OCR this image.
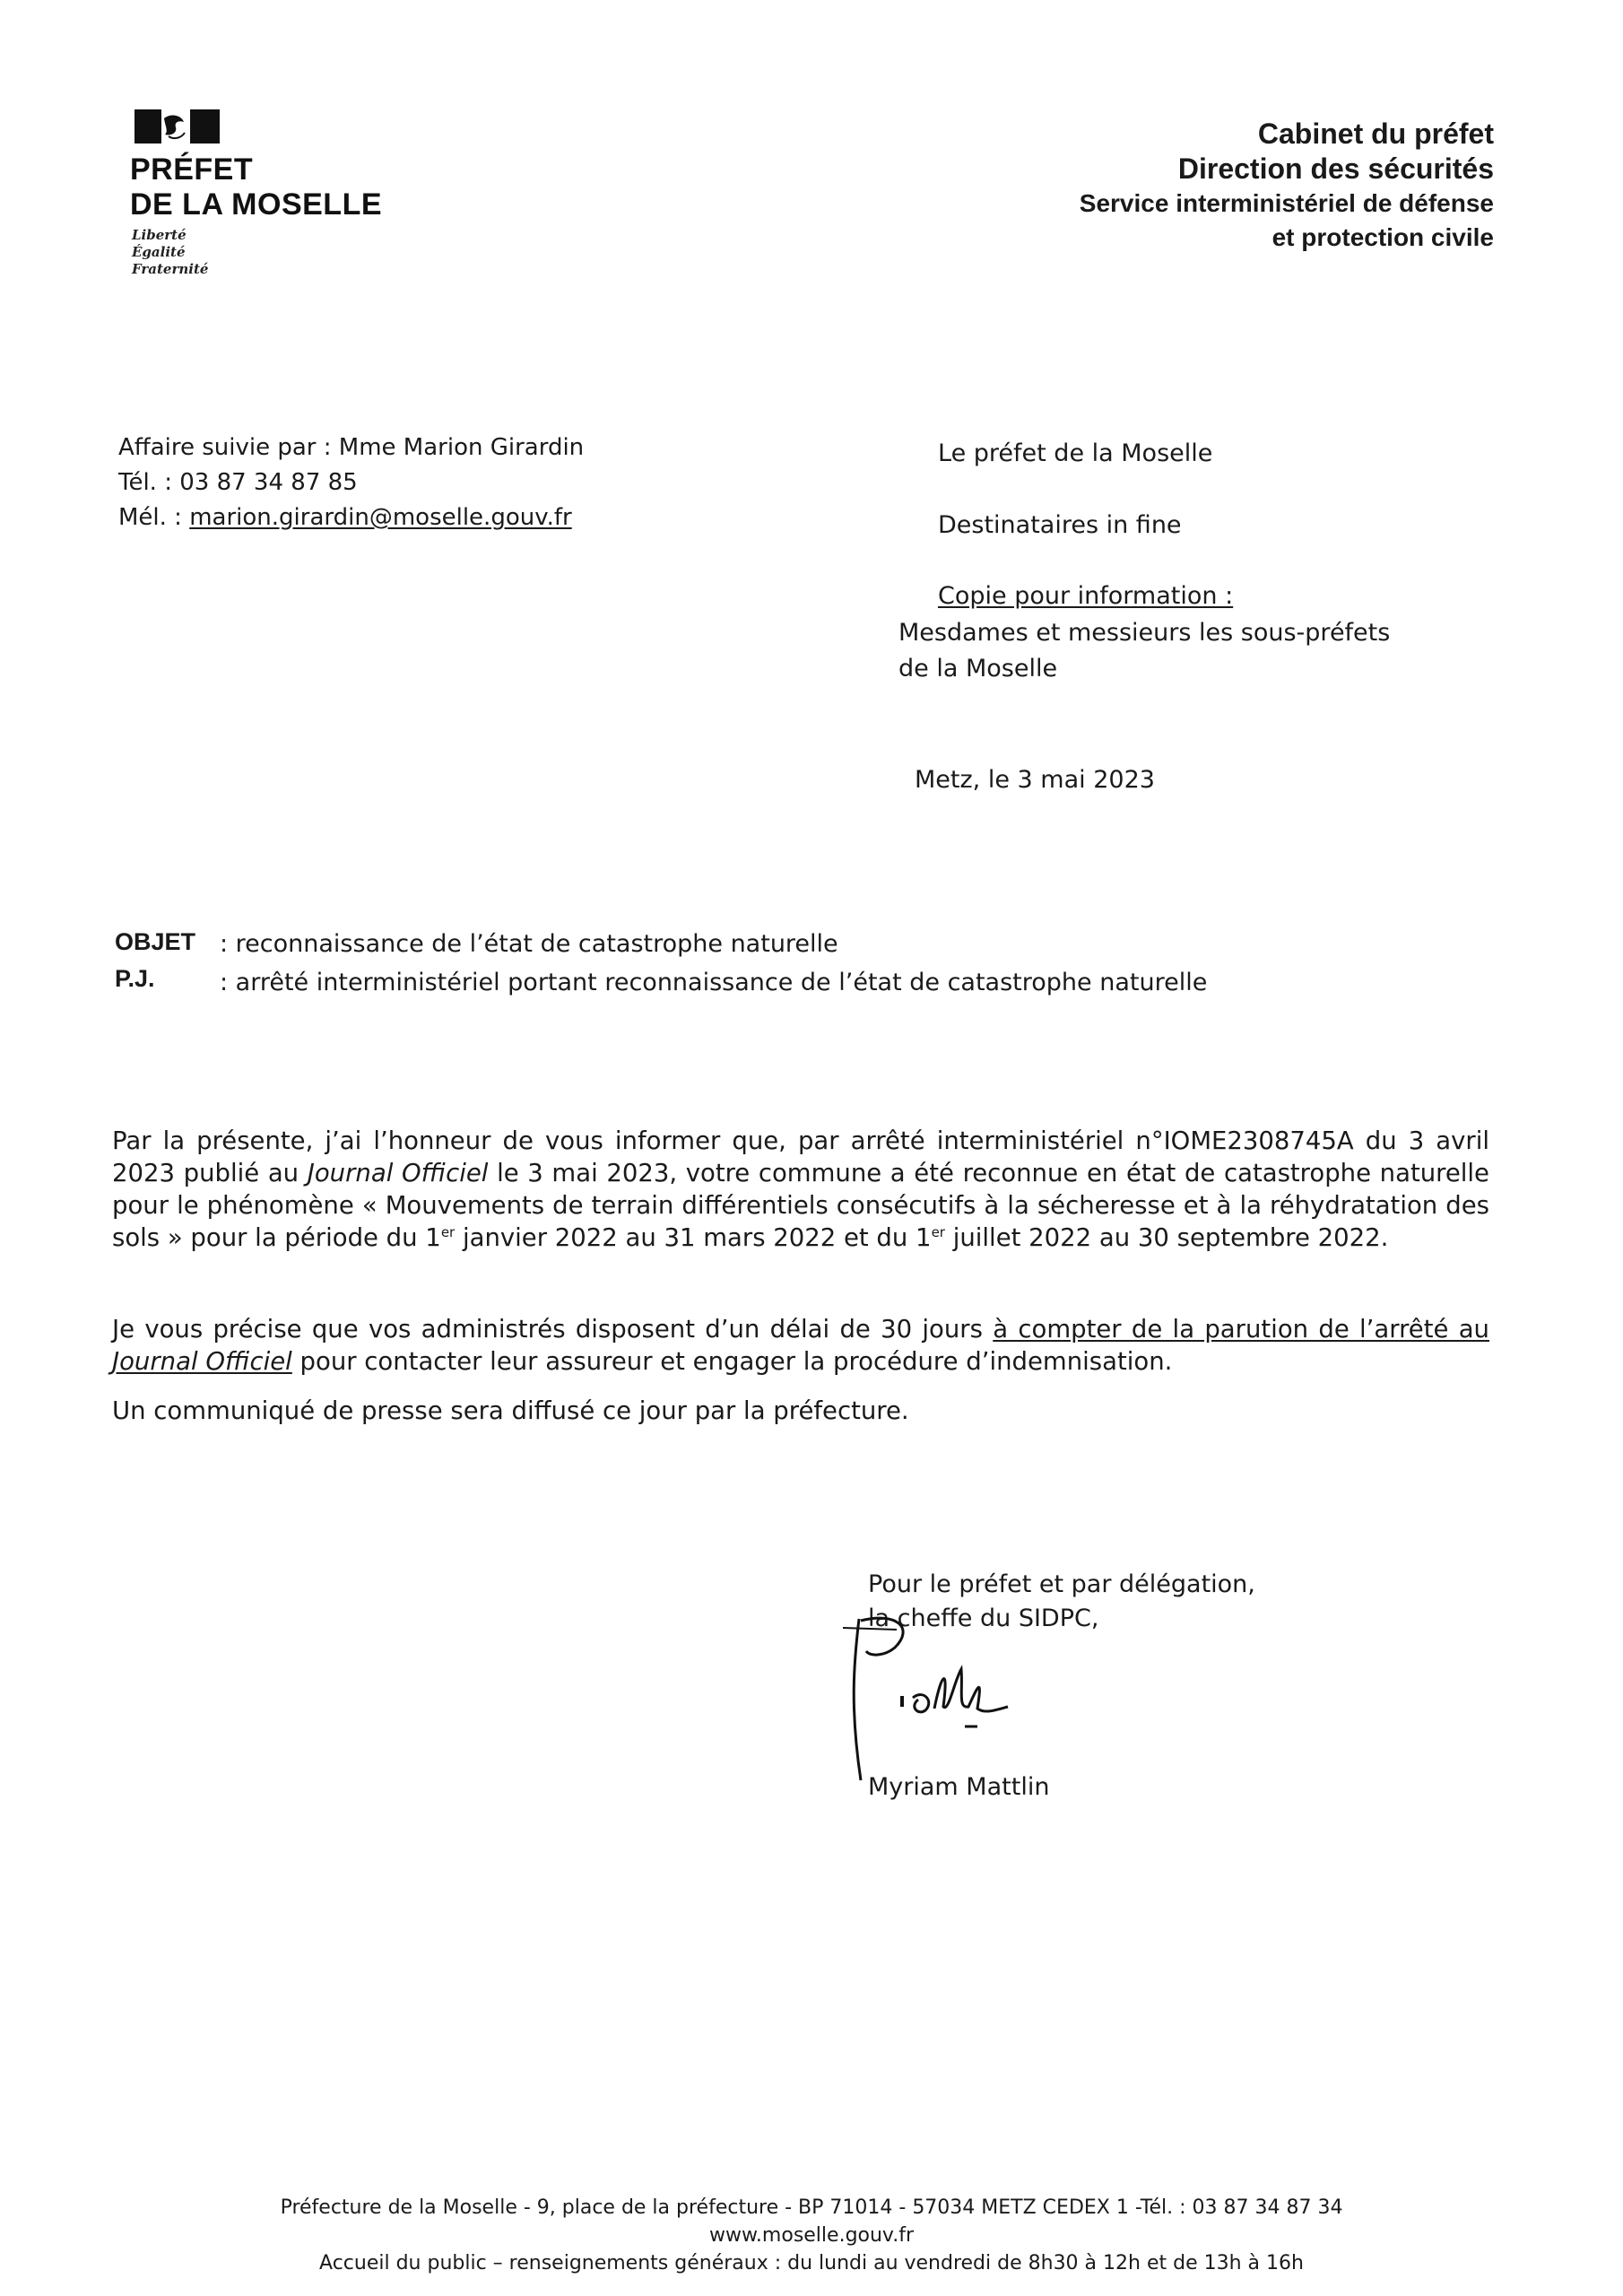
PRÉFET
DE LA MOSELLE
Liberté
Égalité
Fraternité
Cabinet du préfet
Direction des sécurités
Service interministériel de défense
et protection civile
Affaire suivie par : Mme Marion Girardin
Tél. : 03 87 34 87 85
Mél. : marion.girardin@moselle.gouv.fr
Le préfet de la Moselle
Destinataires in fine
Copie pour information :
Mesdames et messieurs les sous-préfets
de la Moselle
Metz, le 3 mai 2023
OBJET : reconnaissance de l’état de catastrophe naturelle
P.J.	: arrêté interministériel portant reconnaissance de l’état de catastrophe naturelle

Par la présente, j’ai l’honneur de vous informer que, par arrêté interministériel n°IOME2308745A du 3 avril 2023 publié au Journal Officiel le 3 mai 2023, votre commune a été reconnue en état de catastrophe naturelle pour le phénomène « Mouvements de terrain différentiels consécutifs à la sécheresse et à la réhydratation des sols » pour la période du 1er janvier 2022 au 31 mars 2022 et du 1er juillet 2022 au 30 septembre 2022.

Je vous précise que vos administrés disposent d’un délai de 30 jours à compter de la parution de l’arrêté au Journal Officiel pour contacter leur assureur et engager la procédure d’indemnisation.

Un communiqué de presse sera diffusé ce jour par la préfecture.

Pour le préfet et par délégation,
la cheffe du SIDPC,
Myriam Mattlin
Préfecture de la Moselle - 9, place de la préfecture - BP 71014 - 57034 METZ CEDEX 1 -Tél. : 03 87 34 87 34
www.moselle.gouv.fr
Accueil du public – renseignements généraux : du lundi au vendredi de 8h30 à 12h et de 13h à 16h
